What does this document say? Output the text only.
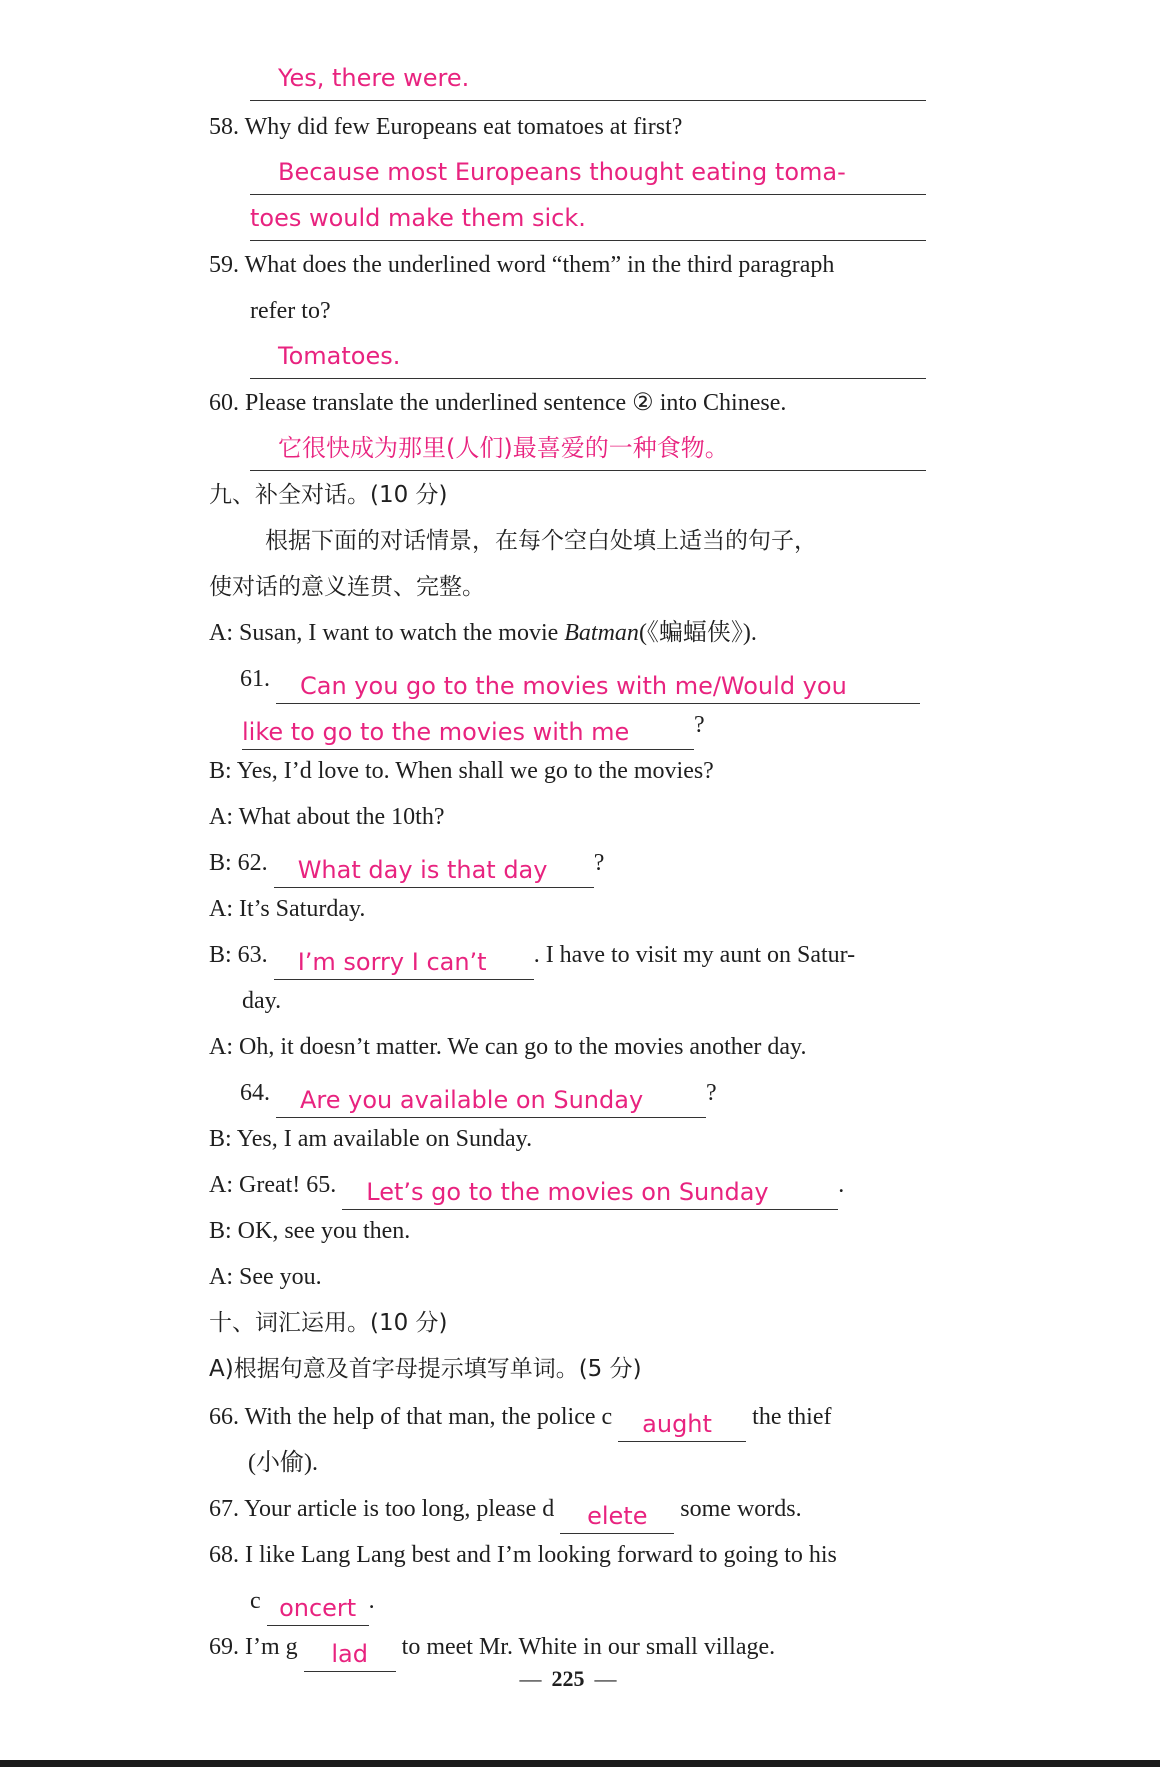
Yes, there were.
58. Why did few Europeans eat tomatoes at first?
Because most Europeans thought eating toma-
toes would make them sick.
59. What does the underlined word “them” in the third paragraph
refer to?
Tomatoes.
60. Please translate the underlined sentence ② into Chinese.
它很快成为那里(人们)最喜爱的一种食物。
九、补全对话。(10 分)
根据下面的对话情景，在每个空白处填上适当的句子，
使对话的意义连贯、完整。
A: Susan, I want to watch the movie Batman(《蝙蝠侠》).
61. Can you go to the movies with me/Would you
like to go to the movies with me	?
B: Yes, I’d love to. When shall we go to the movies?
A: What about the 10th?
B: 62. What day is that day ?
A: It’s Saturday.
B: 63. I’m sorry I can’t . I have to visit my aunt on Satur-
day.
A: Oh, it doesn’t matter. We can go to the movies another day.
64. Are you available on Sunday	?
B: Yes, I am available on Sunday.
A: Great! 65. Let’s go to the movies on Sunday	.
B: OK, see you then.
A: See you.
十、词汇运用。(10 分)
A)根据句意及首字母提示填写单词。(5 分)
66. With the help of that man, the police c aught the thief
(小偷).
67. Your article is too long, please d elete some words.
68. I like Lang Lang best and I’m looking forward to going to his
c oncert .
69. I’m g lad to meet Mr. White in our small village.
— 225 —
